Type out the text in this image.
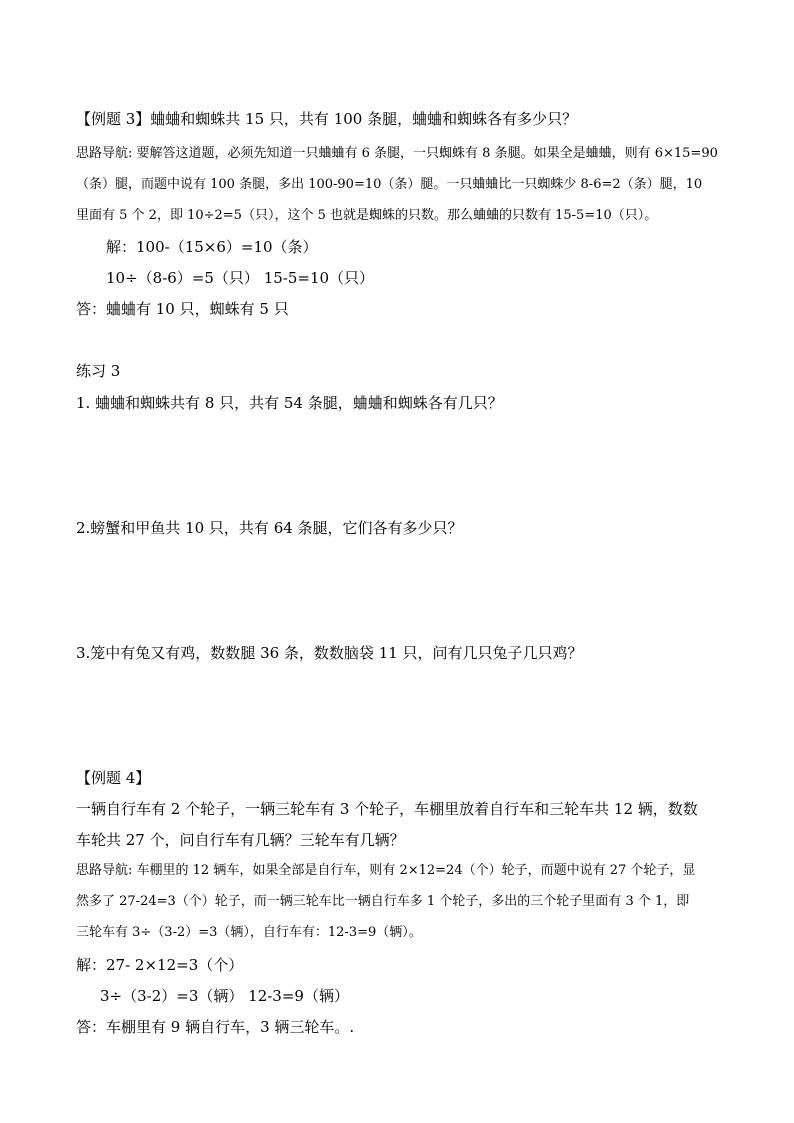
【例题 3】蛐蛐和蜘蛛共 15 只，共有 100 条腿，蛐蛐和蜘蛛各有多少只？
思路导航: 要解答这道题，必须先知道一只蛐蛐有 6 条腿，一只蜘蛛有 8 条腿。如果全是蛐蛐，则有 6×15=90
（条）腿，而题中说有 100 条腿，多出 100-90=10（条）腿。一只蛐蛐比一只蜘蛛少 8-6=2（条）腿，10
里面有 5 个 2，即 10÷2=5（只），这个 5 也就是蜘蛛的只数。那么蛐蛐的只数有 15-5=10（只）。
解：100-（15×6）=10（条）
10÷（8-6）=5（只） 15-5=10（只）
答：蛐蛐有 10 只，蜘蛛有 5 只
练习 3
1. 蛐蛐和蜘蛛共有 8 只，共有 54 条腿，蛐蛐和蜘蛛各有几只？
2.螃蟹和甲鱼共 10 只，共有 64 条腿，它们各有多少只？
3.笼中有兔又有鸡，数数腿 36 条，数数脑袋 11 只，问有几只兔子几只鸡？
【例题 4】
一辆自行车有 2 个轮子，一辆三轮车有 3 个轮子，车棚里放着自行车和三轮车共 12 辆，数数
车轮共 27 个，问自行车有几辆？三轮车有几辆？
思路导航: 车棚里的 12 辆车，如果全部是自行车，则有 2×12=24（个）轮子，而题中说有 27 个轮子，显
然多了 27-24=3（个）轮子，而一辆三轮车比一辆自行车多 1 个轮子，多出的三个轮子里面有 3 个 1，即
三轮车有 3÷（3-2）=3（辆），自行车有：12-3=9（辆）。
解：27- 2×12=3（个）
3÷（3-2）=3（辆） 12-3=9（辆）
答：车棚里有 9 辆自行车，3 辆三轮车。.
